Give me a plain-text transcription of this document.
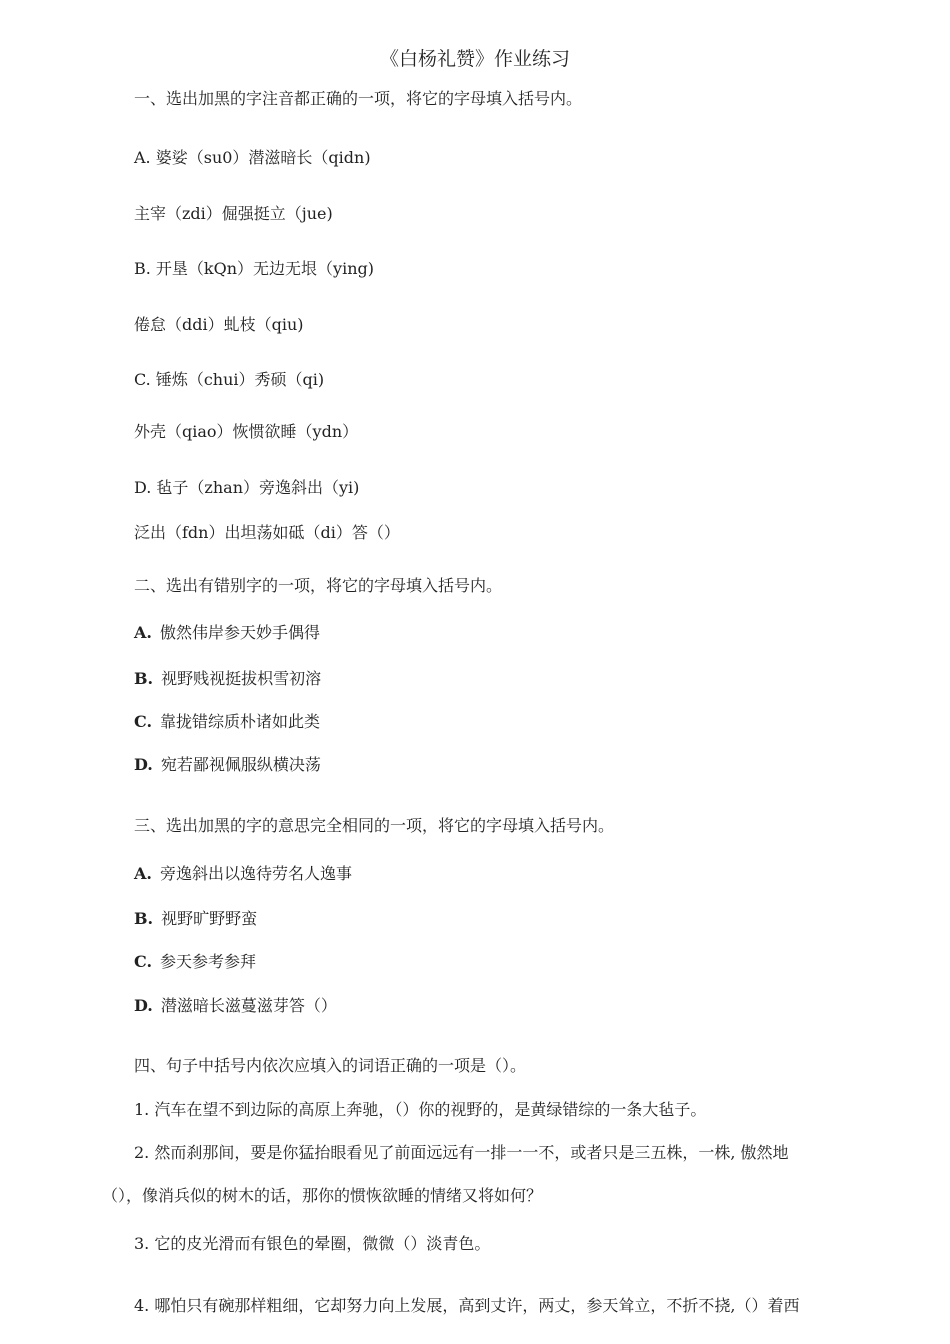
《白杨礼赞》作业练习
一、选出加黑的字注音都正确的一项，将它的字母填入括号内。
A. 婆娑（su0）潜滋暗长（qidn)
主宰（zdi）倔强挺立（jue)
B. 开垦（kQn）无边无垠（ying)
倦怠（ddi）虬枝（qiu)
C. 锤炼（chui）秀硕（qi)
外壳（qiao）恢惯欲睡（ydn）
D. 毡子（zhan）旁逸斜出（yi)
泛出（fdn）出坦荡如砥（di）答（）
二、选出有错别字的一项，将它的字母填入括号内。
A. 傲然伟岸参天妙手偶得
B. 视野贱视挺拔枳雪初溶
C. 靠拢错综质朴诸如此类
D. 宛若鄙视佩服纵横决荡
三、选出加黑的字的意思完全相同的一项，将它的字母填入括号内。
A. 旁逸斜出以逸待劳名人逸事
B. 视野旷野野蛮
C. 参天参考参拜
D. 潜滋暗长滋蔓滋芽答（）
四、句子中括号内依次应填入的词语正确的一项是（）。
1. 汽车在望不到边际的高原上奔驰，（）你的视野的，是黄绿错综的一条大毡子。
2. 然而刹那间，要是你猛抬眼看见了前面远远有一排一一不，或者只是三五株，一株, 傲然地
（），像消兵似的树木的话，那你的惯恢欲睡的情绪又将如何？
3. 它的皮光滑而有银色的晕圈，微微（）淡青色。
4. 哪怕只有碗那样粗细，它却努力向上发展，高到丈许，两丈，参天耸立，不折不挠,（）着西
